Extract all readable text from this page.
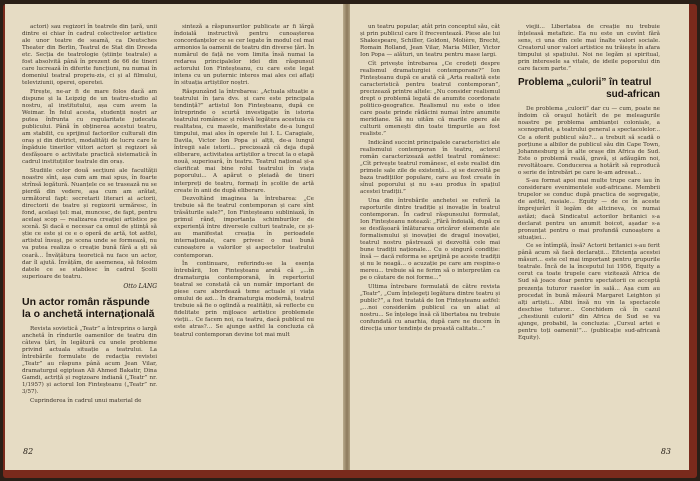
actori) sau regizori în teatrele din țară, unii dintre ei chiar în cadrul colectivelor artistice ale unor teatre de seamă, ca Deutsches Theater din Berlin, Teatrul de Stat din Dresda etc. Secția de teatrologie (științe teatrale) a fost absolvită până în prezent de 66 de tineri care lucrează în diferite funcțiuni, nu numai în domeniul teatral propriu-zis, ci și al filmului, televiziunii, operei, operetei.

Firește, ne-ar fi de mare folos dacă am dispune și la Leipzig de un teatru-studio al nostru, al institutului, așa cum avem la Weimar. În felul acesta, studenții noștri ar putea înfrunta cu regularitate judecata publicului. Până în obținerea acestui teatru, am stabilit, cu sprijinul factorilor culturali din oraș și din district, modalități de lucru care le îngăduie tinerilor viitori actori și regizori să desfășoare o activitate practică sistematică în cadrul instituțiilor teatrale din oraș.

Studiile celor două secțiuni ale facultății noastre sînt, așa cum am mai spus, în foarte strînsă legătură. Nuanțele ce se trasează nu se pierdă din vedere, așa cum am arătat, următorul fapt: secretarii literari ai actorii, directorii de teatre și regizorii urmăresc, în fond, același țel: mai, muncesc, de fapt, pentru același scop — realizarea creației artistice pe scenă. Și dacă e necesar ca omul de știință să știe ce este și ce e o operă de artă, tot astfel, artistul însuși, pe scena unde se formează, nu va putea realiza o creație bună fără a ști să ceară... Învățătura teoretică nu face un actor, dar îl ajută. Învățăm, de asemenea, să folosim datele ce se stabilesc în cadrul Școlii superioare de teatru.

Otto LANG
Un actor român răspunde la o anchetă internațională

Revista sovietică „Teatr” a întreprins o largă anchetă în rîndurile oamenilor de teatru din câteva țări, în legătură cu unele probleme privind actuala situație a teatrului. La întrebările formulate de redacția revistei „Teatr” au răspuns până acum Jean Vilar, dramaturgul egiptean Ali Ahmed Bakatir, Dina Gamdi, actriță și regizoare indiană („Teatr” nr. 1/1957) și actorul Ion Finteșteanu („Teatr” nr. 3/57).

Cuprinderea în cadrul unui material de

sinteză a răspunsurilor publicate ar fi lărgă îndoială instructivă pentru cunoașterea concordanțelor ce se cer legate în modul cel mai armonios la oamenii de teatru din diverse țări. În numărul de față ne vom limita însă numai la redarea principalelor idei din răspunsul actorului Ion Finteșteanu, cu care este legat intens cu un puternic interes mai ales cei aflați în situația artiștilor noștri.

Răspunzând la întrebarea: „Actuala situație a teatrului în țara dvs. și care este principala tendință?” artistul Ion Finteșteanu, după ce întreprinde o scurtă investigație în istoria teatrului românesc și relevă legătura acestuia cu realitatea, cu masele, manifestate de-a lungul timpului, mai ales în operele lui I. L. Caragiale, Davila, Victor Ion Popa și alții, de-a lungul întregii sale istorii... precizează că deja după eliberare, activitatea artiștilor a trecut la o etapă nouă, superioară, în teatru. Teatrul național și-a clarificat mai bine rolul teatrului în viața poporului... A apărut o pleiadă de tineri interpreți de teatru, formați în școlile de artă create în anii de după eliberare.

Dezvoltând imaginea la întrebarea: „Ce trebuie să fie teatrul contemporan și care sînt trăsăturile sale?”, Ion Finteșteanu subliniază, în primul rând, importanța schimburilor de experiență între diversele culturi teatrale, ce și-au manifestat creația în perioadele internaționale, care privesc o mai bună cunoaștere a valorilor și aspectelor teatrului contemporan.

În continuare, referindu-se la esența întrebării, Ion Finteșteanu arată că „...în dramaturgia contemporană, în repertoriul teatral se constată că un număr important de piese care abordează teme actuale și viața omului de azi... În dramaturgia modernă, teatrul trebuie să fie o oglindă a realității, să reflecte cu fidelitate prin mijloace artistice problemele vieții... Ce facem noi, ca teatru, dacă publicul nu este atras?... Se ajunge astfel la concluzia că teatrul contemporan devine tot mai mult

82

un teatru popular, atât prin conceptul său, cât și prin publicul care îl frecventează. Piese ale lui Shakespeare, Schiller, Goldoni, Molière, Brecht, Romain Rolland, Jean Vilar, Maria Miller, Victor Ion Popa — alături, un teatru pentru mase largi.

Cît privește întrebarea „Ce credeți despre realismul dramaturgiei contemporane?” Ion Finteșteanu după ce arată că „Arta realistă este caracteristică pentru teatrul contemporan”, precizează printre altele: „Nu consider realismul drept o problemă legată de anumite coordonate politico-geografice. Realismul nu este o idee care poate prinde rădăcini numai între anumite meridiane. Să nu uităm că marile opere ale culturii omenești din toate timpurile au fost realiste.”

Indicând succint principalele caracteristici ale realismului contemporan în teatru, actorul român caracterizează astfel teatrul românesc: „Cît privește teatrul românesc, el este realist din primele sale zile de existență... și se dezvoltă pe baza tradițiilor populare, care au fost create în sînul poporului și nu s-au produs în spațiul acestei tradiții.”

Una din întrebările anchetei se referă la raporturile dintre tradiție și inovație în teatrul contemporan. În cadrul răspunsului formulat, Ion Finteșteanu notează: „Fără îndoială, după ce se desfășoară înlăturarea oricăror elemente ale formalismului și inovației de dragul inovației, teatrul nostru păstrează și dezvoltă cele mai bune tradiții naționale... Cu o singură condiție: însă — dacă reforma se sprijină pe aceste tradiții și nu le neagă... o acuzație pe care am respins-o mereu... trebuie să ne ferim să o interpretăm ca pe o căutare de noi forme...”

Ultima întrebare formulată de către revista „Teatr”, „Cum înțelegeți legătura dintre teatru și public?”, a fost tratată de Ion Finteșteanu astfel: „...noi considerăm publicul ca un aliat al nostru... Se înțelege însă că libertatea nu trebuie confundată cu anarhia, după care ne ducem în direcția unor tendințe de proastă calitate...”

viejii... Libertatea de creație nu trebuie înțeleasă metafizic. Ea nu este un cuvînt fără sens, ci una din cele mai înalte valori sociale. Creatorul unor valori artistice nu trăiește în afara timpului și spațiului. Noi ne legăm și spiritual, prin interesele sa vitale, de ideile poporului din care facem parte.”

Problema „culorii” în teatrul
sud-african

De problema „culorii” dar cu — cum, poate ne îndoim că oraşul hotărît de pe meleagurile noastre pe problema ambianței coloniale, a scenografiei, a teatrului general a spectacolelor... Ce a oferit publicul său?... a trebuit să scadă o porțiune a albilor de publicul său din Cape Town, Johannesburg și în alte orașe din Africa de Sud. Este o problemă reală, gravă, și adăugăm noi, revoltătoare. Conducerea a hotărît să reproducă o serie de întrebări pe care le-am adresat...

S-au format apoi mai multe trupe care iau în considerare evenimentele sud-africane. Membrii trupelor se conduc după practica de segregație, de astfel, rasiale... Equity — de ce în aceste împrejurări îl legăm de altcineva, ce numai astăzi; dacă Sindicatul actorilor britanici s-a declarat pentru un anumit boicot, așadar s-a pronunțat pentru o mai profundă cunoaștere a situației...

Ce se întîmplă, însă? Actorii britanici s-au ferit până acum să facă declarații... Eficiența acestei măsuri... este cel mai important pentru grupurile teatrale. Încă de la începutul lui 1956, Equity a cerut ca toate trupele care vizitează Africa de Sud să joace doar pentru spectatorii ce acceptă prezența tuturor raselor în sală... Așa cum au procedat în bună măsură Margaret Leighton și alți artiști... Albii însă nu vin la spectacole deschise tuturor... Conchidem că în cazul „chestiunii culorii” din Africa de Sud se va ajunge, probabil, la concluzia: „Cursul artei e pentru toți oamenii!”... (publicație sud-africană Equity).

83
